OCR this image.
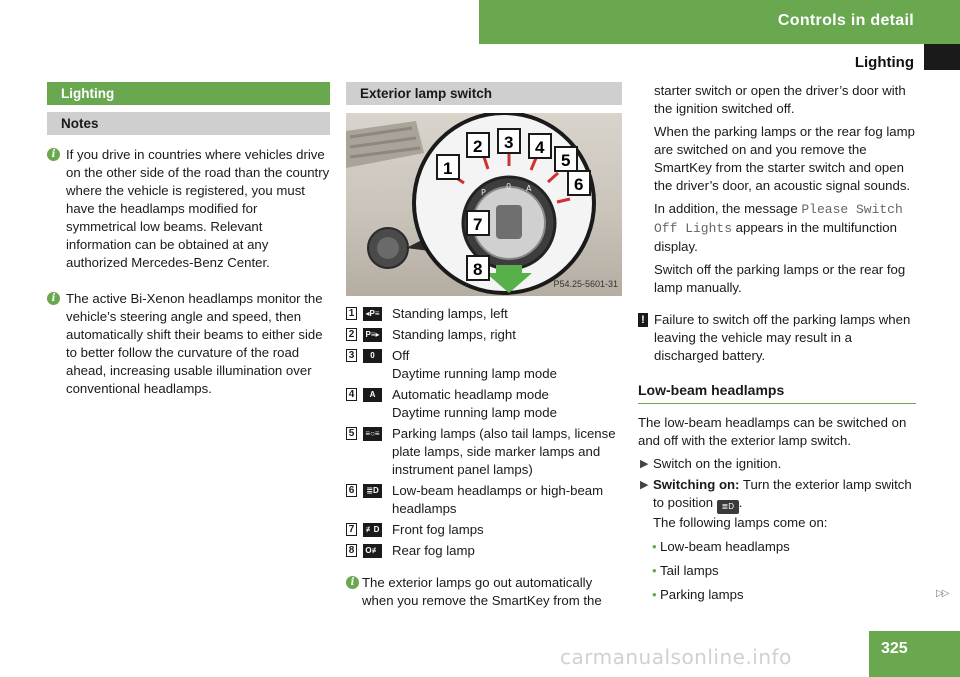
Controls in detail
Lighting
Lighting
Notes
i If you drive in countries where vehicles drive on the other side of the road than the country where the vehicle is registered, you must have the headlamps modified for symmetrical low beams. Relevant information can be obtained at any authorized Mercedes-Benz Center.
i The active Bi-Xenon headlamps monitor the vehicle’s steering angle and speed, then automatically shift their beams to either side to better follow the curvature of the road ahead, increasing usable illumination over conventional headlamps.
Exterior lamp switch
P
0 A
1
2 3 4
5
6
7
8
P54.25-5601-31
1	◂P≡ Standing lamps, left
2	P≡▸ Standing lamps, right
3	0	Off
Daytime running lamp mode
4	A	Automatic headlamp mode
Daytime running lamp mode
5	≡○≡ Parking lamps (also tail lamps, license plate lamps, side marker lamps and instrument panel lamps)
6	≣D Low-beam headlamps or high-beam headlamps
7	≢D Front fog lamps
8	O≢ Rear fog lamp
i The exterior lamps go out automatically when you remove the SmartKey from the
starter switch or open the driver’s door with the ignition switched off.
When the parking lamps or the rear fog lamp are switched on and you remove the SmartKey from the starter switch and open the driver’s door, an acoustic signal sounds.
In addition, the message Please Switch Off Lights appears in the multifunction display.
Switch off the parking lamps or the rear fog lamp manually.
! Failure to switch off the parking lamps when leaving the vehicle may result in a discharged battery.
Low-beam headlamps
The low-beam headlamps can be switched on and off with the exterior lamp switch.
▶ Switch on the ignition.
▶ Switching on: Turn the exterior lamp switch to position ≣D .
The following lamps come on:
• Low-beam headlamps
• Tail lamps
• Parking lamps	▷▷
325
carmanualsonline.info
